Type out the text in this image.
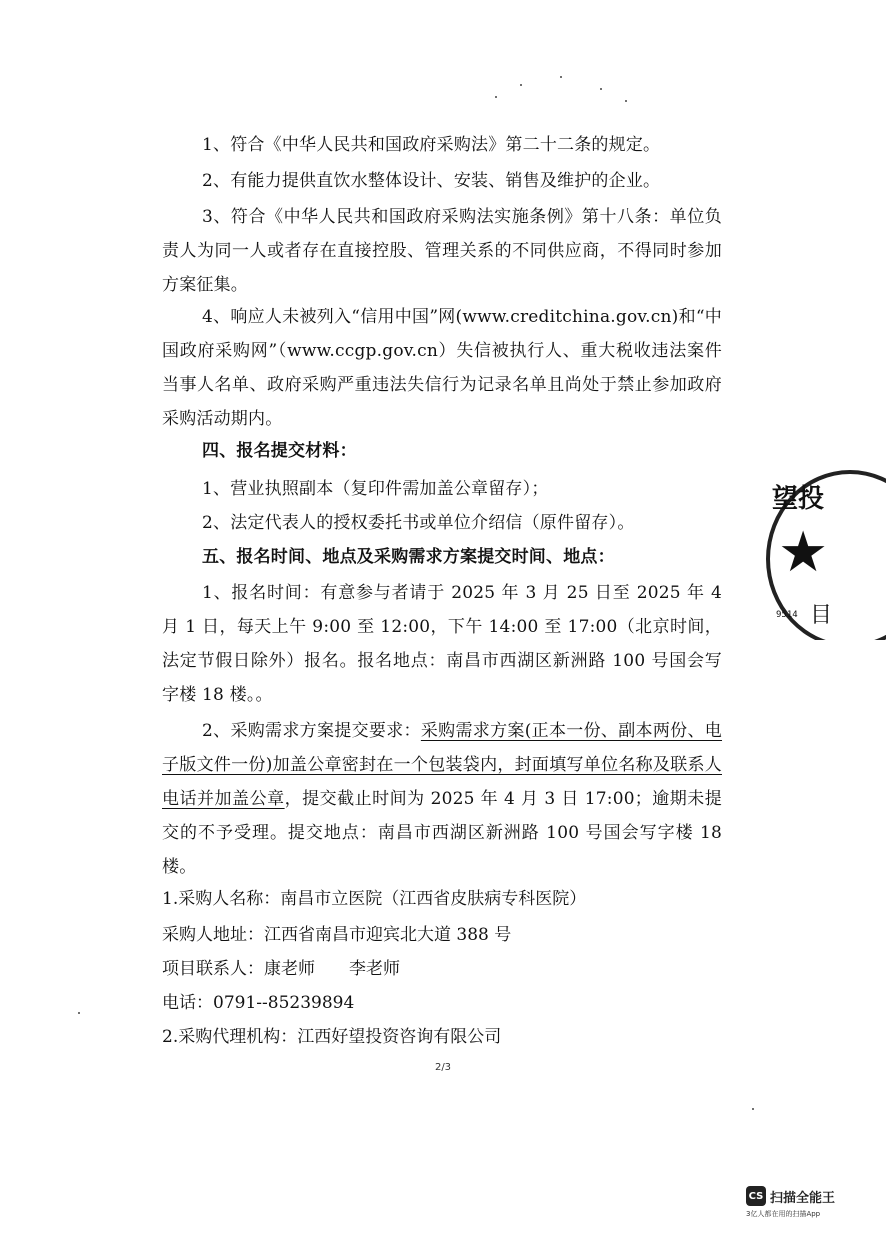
1、符合《中华人民共和国政府采购法》第二十二条的规定。

2、有能力提供直饮水整体设计、安装、销售及维护的企业。

3、符合《中华人民共和国政府采购法实施条例》第十八条：单位负责人为同一人或者存在直接控股、管理关系的不同供应商，不得同时参加方案征集。

4、响应人未被列入“信用中国”网(www.creditchina.gov.cn)和“中国政府采购网”（www.ccgp.gov.cn）失信被执行人、重大税收违法案件当事人名单、政府采购严重违法失信行为记录名单且尚处于禁止参加政府采购活动期内。

四、报名提交材料：

1、营业执照副本（复印件需加盖公章留存）；

2、法定代表人的授权委托书或单位介绍信（原件留存）。

五、报名时间、地点及采购需求方案提交时间、地点：

1、报名时间：有意参与者请于 2025 年 3 月 25 日至 2025 年 4 月 1 日，每天上午 9:00 至 12:00，下午 14:00 至 17:00（北京时间，法定节假日除外）报名。报名地点：南昌市西湖区新洲路 100 号国会写字楼 18 楼。。

2、采购需求方案提交要求：采购需求方案(正本一份、副本两份、电子版文件一份)加盖公章密封在一个包装袋内，封面填写单位名称及联系人电话并加盖公章，提交截止时间为 2025 年 4 月 3 日 17:00；逾期未提交的不予受理。提交地点：南昌市西湖区新洲路 100 号国会写字楼 18 楼。

1.采购人名称：南昌市立医院（江西省皮肤病专科医院）
采购人地址：江西省南昌市迎宾北大道 388 号
项目联系人：康老师　　李老师
电话：0791--85239894
2.采购代理机构：江西好望投资咨询有限公司
2/3
望投
★
9514 目
CS 扫描全能王
3亿人都在用的扫描App
